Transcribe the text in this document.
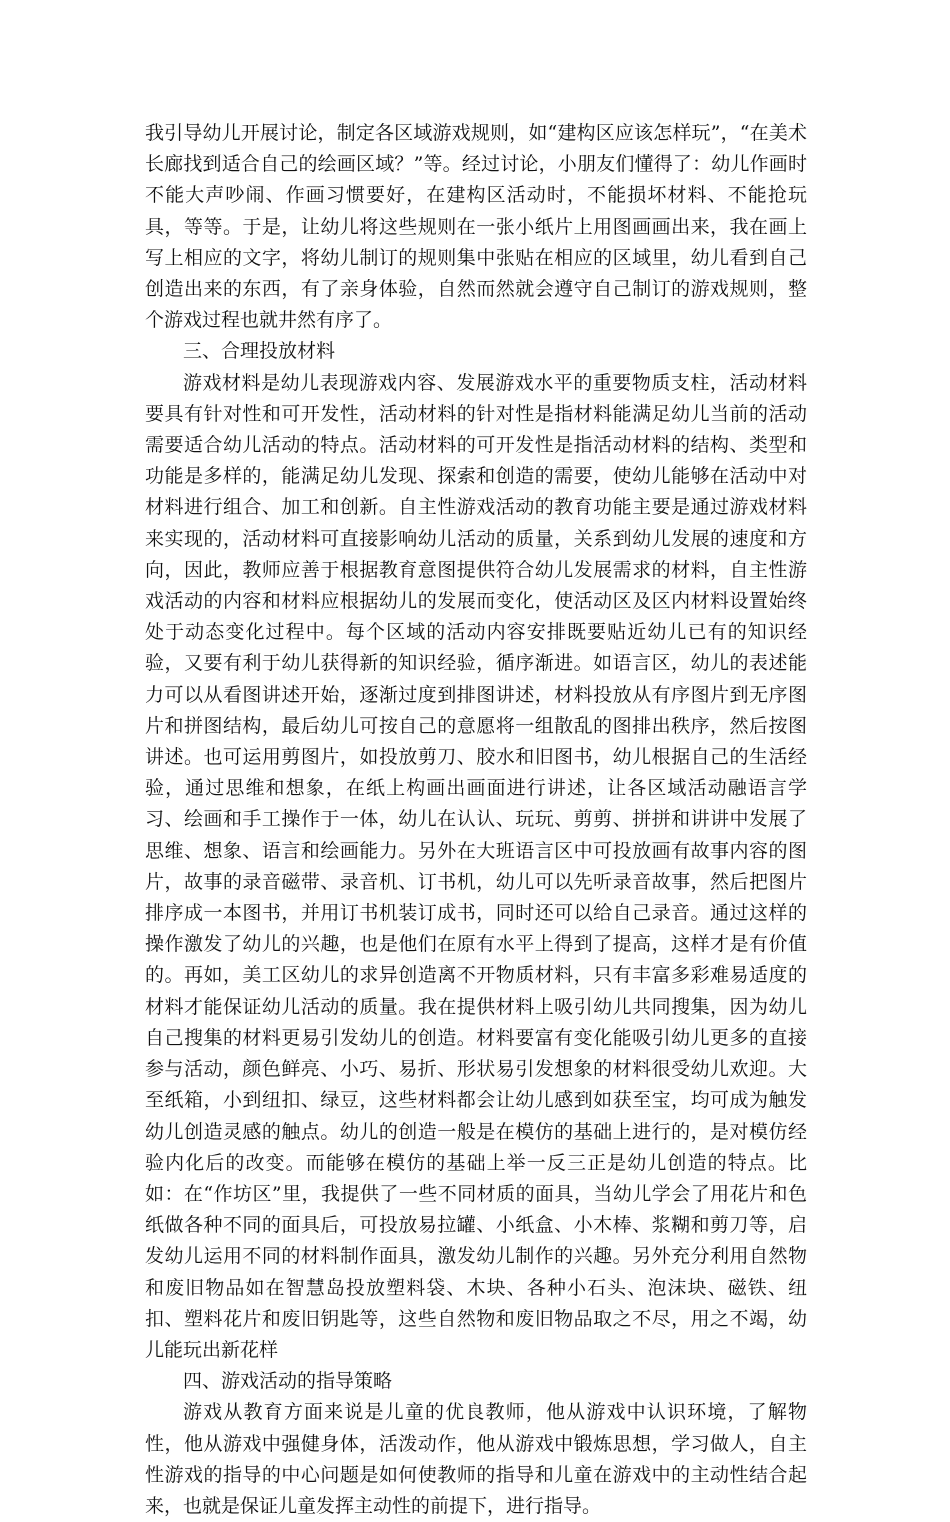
我引导幼儿开展讨论，制定各区域游戏规则，如“建构区应该怎样玩”，“在美术长廊找到适合自己的绘画区域？”等。经过讨论，小朋友们懂得了：幼儿作画时不能大声吵闹、作画习惯要好，在建构区活动时，不能损坏材料、不能抢玩具，等等。于是，让幼儿将这些规则在一张小纸片上用图画画出来，我在画上写上相应的文字，将幼儿制订的规则集中张贴在相应的区域里，幼儿看到自己创造出来的东西，有了亲身体验，自然而然就会遵守自己制订的游戏规则，整个游戏过程也就井然有序了。

三、合理投放材料

游戏材料是幼儿表现游戏内容、发展游戏水平的重要物质支柱，活动材料要具有针对性和可开发性，活动材料的针对性是指材料能满足幼儿当前的活动需要适合幼儿活动的特点。活动材料的可开发性是指活动材料的结构、类型和功能是多样的，能满足幼儿发现、探索和创造的需要，使幼儿能够在活动中对材料进行组合、加工和创新。自主性游戏活动的教育功能主要是通过游戏材料来实现的，活动材料可直接影响幼儿活动的质量，关系到幼儿发展的速度和方向，因此，教师应善于根据教育意图提供符合幼儿发展需求的材料，自主性游戏活动的内容和材料应根据幼儿的发展而变化，使活动区及区内材料设置始终处于动态变化过程中。每个区域的活动内容安排既要贴近幼儿已有的知识经验，又要有利于幼儿获得新的知识经验，循序渐进。如语言区，幼儿的表述能力可以从看图讲述开始，逐渐过度到排图讲述，材料投放从有序图片到无序图片和拼图结构，最后幼儿可按自己的意愿将一组散乱的图排出秩序，然后按图讲述。也可运用剪图片，如投放剪刀、胶水和旧图书，幼儿根据自己的生活经验，通过思维和想象，在纸上构画出画面进行讲述，让各区域活动融语言学习、绘画和手工操作于一体，幼儿在认认、玩玩、剪剪、拼拼和讲讲中发展了思维、想象、语言和绘画能力。另外在大班语言区中可投放画有故事内容的图片，故事的录音磁带、录音机、订书机，幼儿可以先听录音故事，然后把图片排序成一本图书，并用订书机装订成书，同时还可以给自己录音。通过这样的操作激发了幼儿的兴趣，也是他们在原有水平上得到了提高，这样才是有价值的。再如，美工区幼儿的求异创造离不开物质材料，只有丰富多彩难易适度的材料才能保证幼儿活动的质量。我在提供材料上吸引幼儿共同搜集，因为幼儿自己搜集的材料更易引发幼儿的创造。材料要富有变化能吸引幼儿更多的直接参与活动，颜色鲜亮、小巧、易折、形状易引发想象的材料很受幼儿欢迎。大至纸箱，小到纽扣、绿豆，这些材料都会让幼儿感到如获至宝，均可成为触发幼儿创造灵感的触点。幼儿的创造一般是在模仿的基础上进行的，是对模仿经验内化后的改变。而能够在模仿的基础上举一反三正是幼儿创造的特点。比如：在“作坊区”里，我提供了一些不同材质的面具，当幼儿学会了用花片和色纸做各种不同的面具后，可投放易拉罐、小纸盒、小木棒、浆糊和剪刀等，启发幼儿运用不同的材料制作面具，激发幼儿制作的兴趣。另外充分利用自然物和废旧物品如在智慧岛投放塑料袋、木块、各种小石头、泡沫块、磁铁、纽扣、塑料花片和废旧钥匙等，这些自然物和废旧物品取之不尽，用之不竭，幼儿能玩出新花样

四、游戏活动的指导策略

游戏从教育方面来说是儿童的优良教师，他从游戏中认识环境，了解物性，他从游戏中强健身体，活泼动作，他从游戏中锻炼思想，学习做人，自主性游戏的指导的中心问题是如何使教师的指导和儿童在游戏中的主动性结合起来，也就是保证儿童发挥主动性的前提下，进行指导。
